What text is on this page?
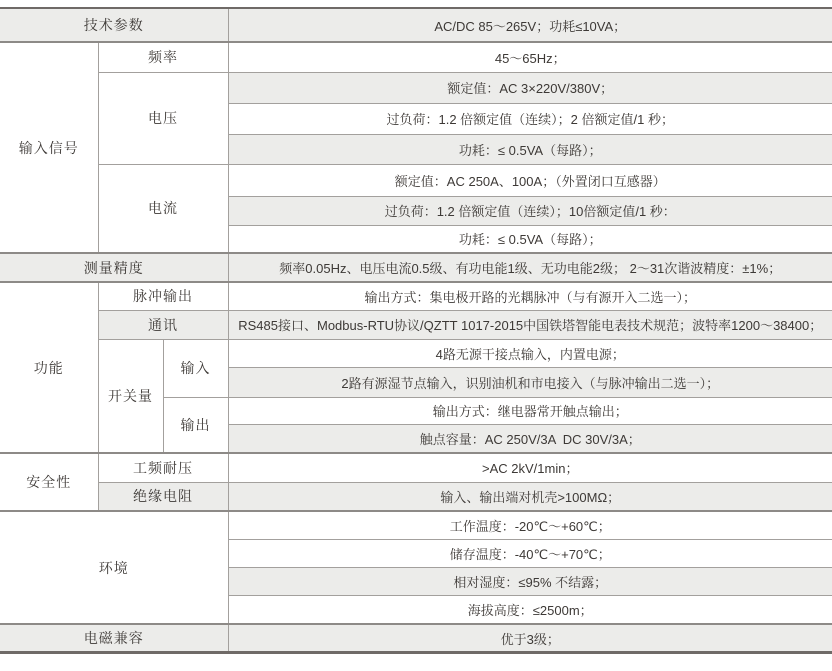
技术参数			AC/DC 85～265V；功耗≤10VA；
输入信号	频率		45～65Hz；
	电压		额定值：AC 3×220V/380V；
			过负荷：1.2 倍额定值（连续）；2 倍额定值/1 秒；
			功耗：≤ 0.5VA（每路）；
	电流		额定值：AC 250A、100A；（外置闭口互感器）
			过负荷：1.2 倍额定值（连续）；10倍额定值/1 秒：
			功耗：≤ 0.5VA（每路）；
测量精度			频率0.05Hz、电压电流0.5级、有功电能1级、无功电能2级； 2～31次谐波精度：±1%；
功能	脉冲输出		输出方式：集电极开路的光耦脉冲（与有源开入二选一）；
	通讯		RS485接口、Modbus-RTU协议/QZTT 1017-2015中国铁塔智能电表技术规范；波特率1200～38400；
	开关量	输入	4路无源干接点输入，内置电源；
			2路有源湿节点输入，识别油机和市电接入（与脉冲输出二选一）；
		输出	输出方式：继电器常开触点输出；
			触点容量：AC 250V/3A  DC 30V/3A；
安全性	工频耐压		>AC 2kV/1min；
	绝缘电阻		输入、输出端对机壳>100MΩ；
环境			工作温度：-20℃～+60℃；
			储存温度：-40℃～+70℃；
			相对湿度：≤95% 不结露；
			海拔高度：≤2500m；
电磁兼容			优于3级；
